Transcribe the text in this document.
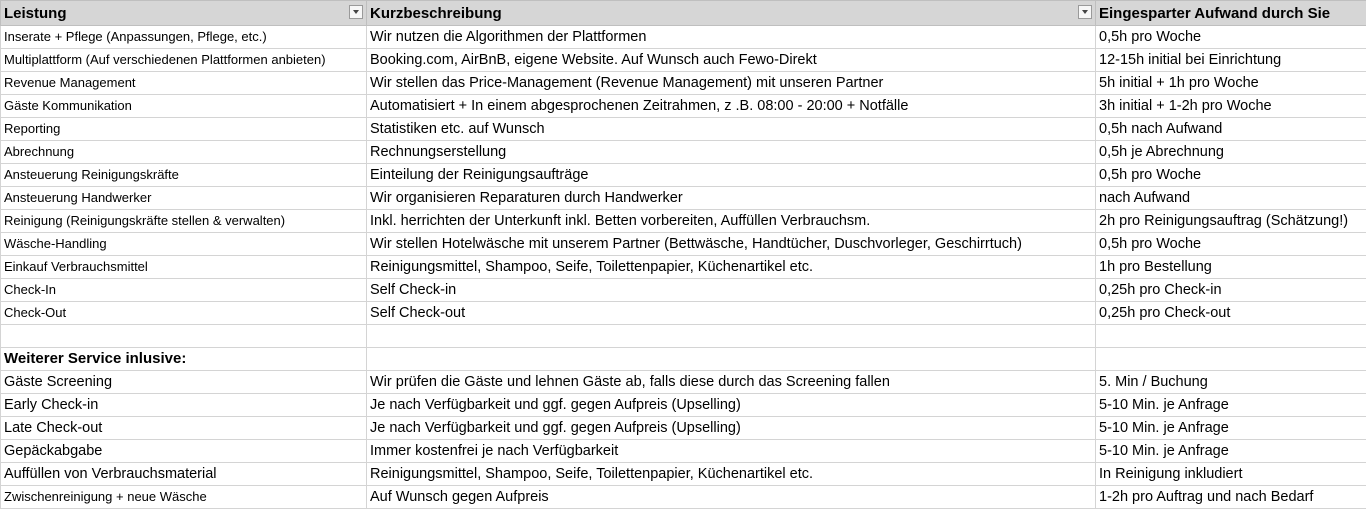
Leistung	Kurzbeschreibung	Eingesparter Aufwand durch Sie
Inserate + Pflege (Anpassungen, Pflege, etc.)	Wir nutzen die Algorithmen der Plattformen	0,5h pro Woche
Multiplattform (Auf verschiedenen Plattformen anbieten)	Booking.com, AirBnB, eigene Website. Auf Wunsch auch Fewo-Direkt	12-15h initial bei Einrichtung
Revenue Management	Wir stellen das Price-Management (Revenue Management) mit unseren Partner	5h initial + 1h pro Woche
Gäste Kommunikation	Automatisiert + In einem abgesprochenen Zeitrahmen, z .B. 08:00 - 20:00 + Notfälle	3h initial + 1-2h pro Woche
Reporting	Statistiken etc. auf Wunsch	0,5h nach Aufwand
Abrechnung	Rechnungserstellung	0,5h je Abrechnung
Ansteuerung Reinigungskräfte	Einteilung der Reinigungsaufträge	0,5h pro Woche
Ansteuerung Handwerker	Wir organisieren Reparaturen durch Handwerker	nach Aufwand
Reinigung (Reinigungskräfte stellen & verwalten)	Inkl. herrichten der Unterkunft inkl. Betten vorbereiten, Auffüllen Verbrauchsm.	2h pro Reinigungsauftrag (Schätzung!)
Wäsche-Handling	Wir stellen Hotelwäsche mit unserem Partner (Bettwäsche, Handtücher, Duschvorleger, Geschirrtuch)	0,5h pro Woche
Einkauf Verbrauchsmittel	Reinigungsmittel, Shampoo, Seife, Toilettenpapier, Küchenartikel etc.	1h pro Bestellung
Check-In	Self Check-in	0,25h pro Check-in
Check-Out	Self Check-out	0,25h pro Check-out

Weiterer Service inlusive:		
Gäste Screening	Wir prüfen die Gäste und lehnen Gäste ab, falls diese durch das Screening fallen	5. Min / Buchung
Early Check-in	Je nach Verfügbarkeit und ggf. gegen Aufpreis (Upselling)	5-10 Min. je Anfrage
Late Check-out	Je nach Verfügbarkeit und ggf. gegen Aufpreis (Upselling)	5-10 Min. je Anfrage
Gepäckabgabe	Immer kostenfrei je nach Verfügbarkeit	5-10 Min. je Anfrage
Auffüllen von Verbrauchsmaterial	Reinigungsmittel, Shampoo, Seife, Toilettenpapier, Küchenartikel etc.	In Reinigung inkludiert
Zwischenreinigung + neue Wäsche	Auf Wunsch gegen Aufpreis	1-2h pro Auftrag und nach Bedarf
